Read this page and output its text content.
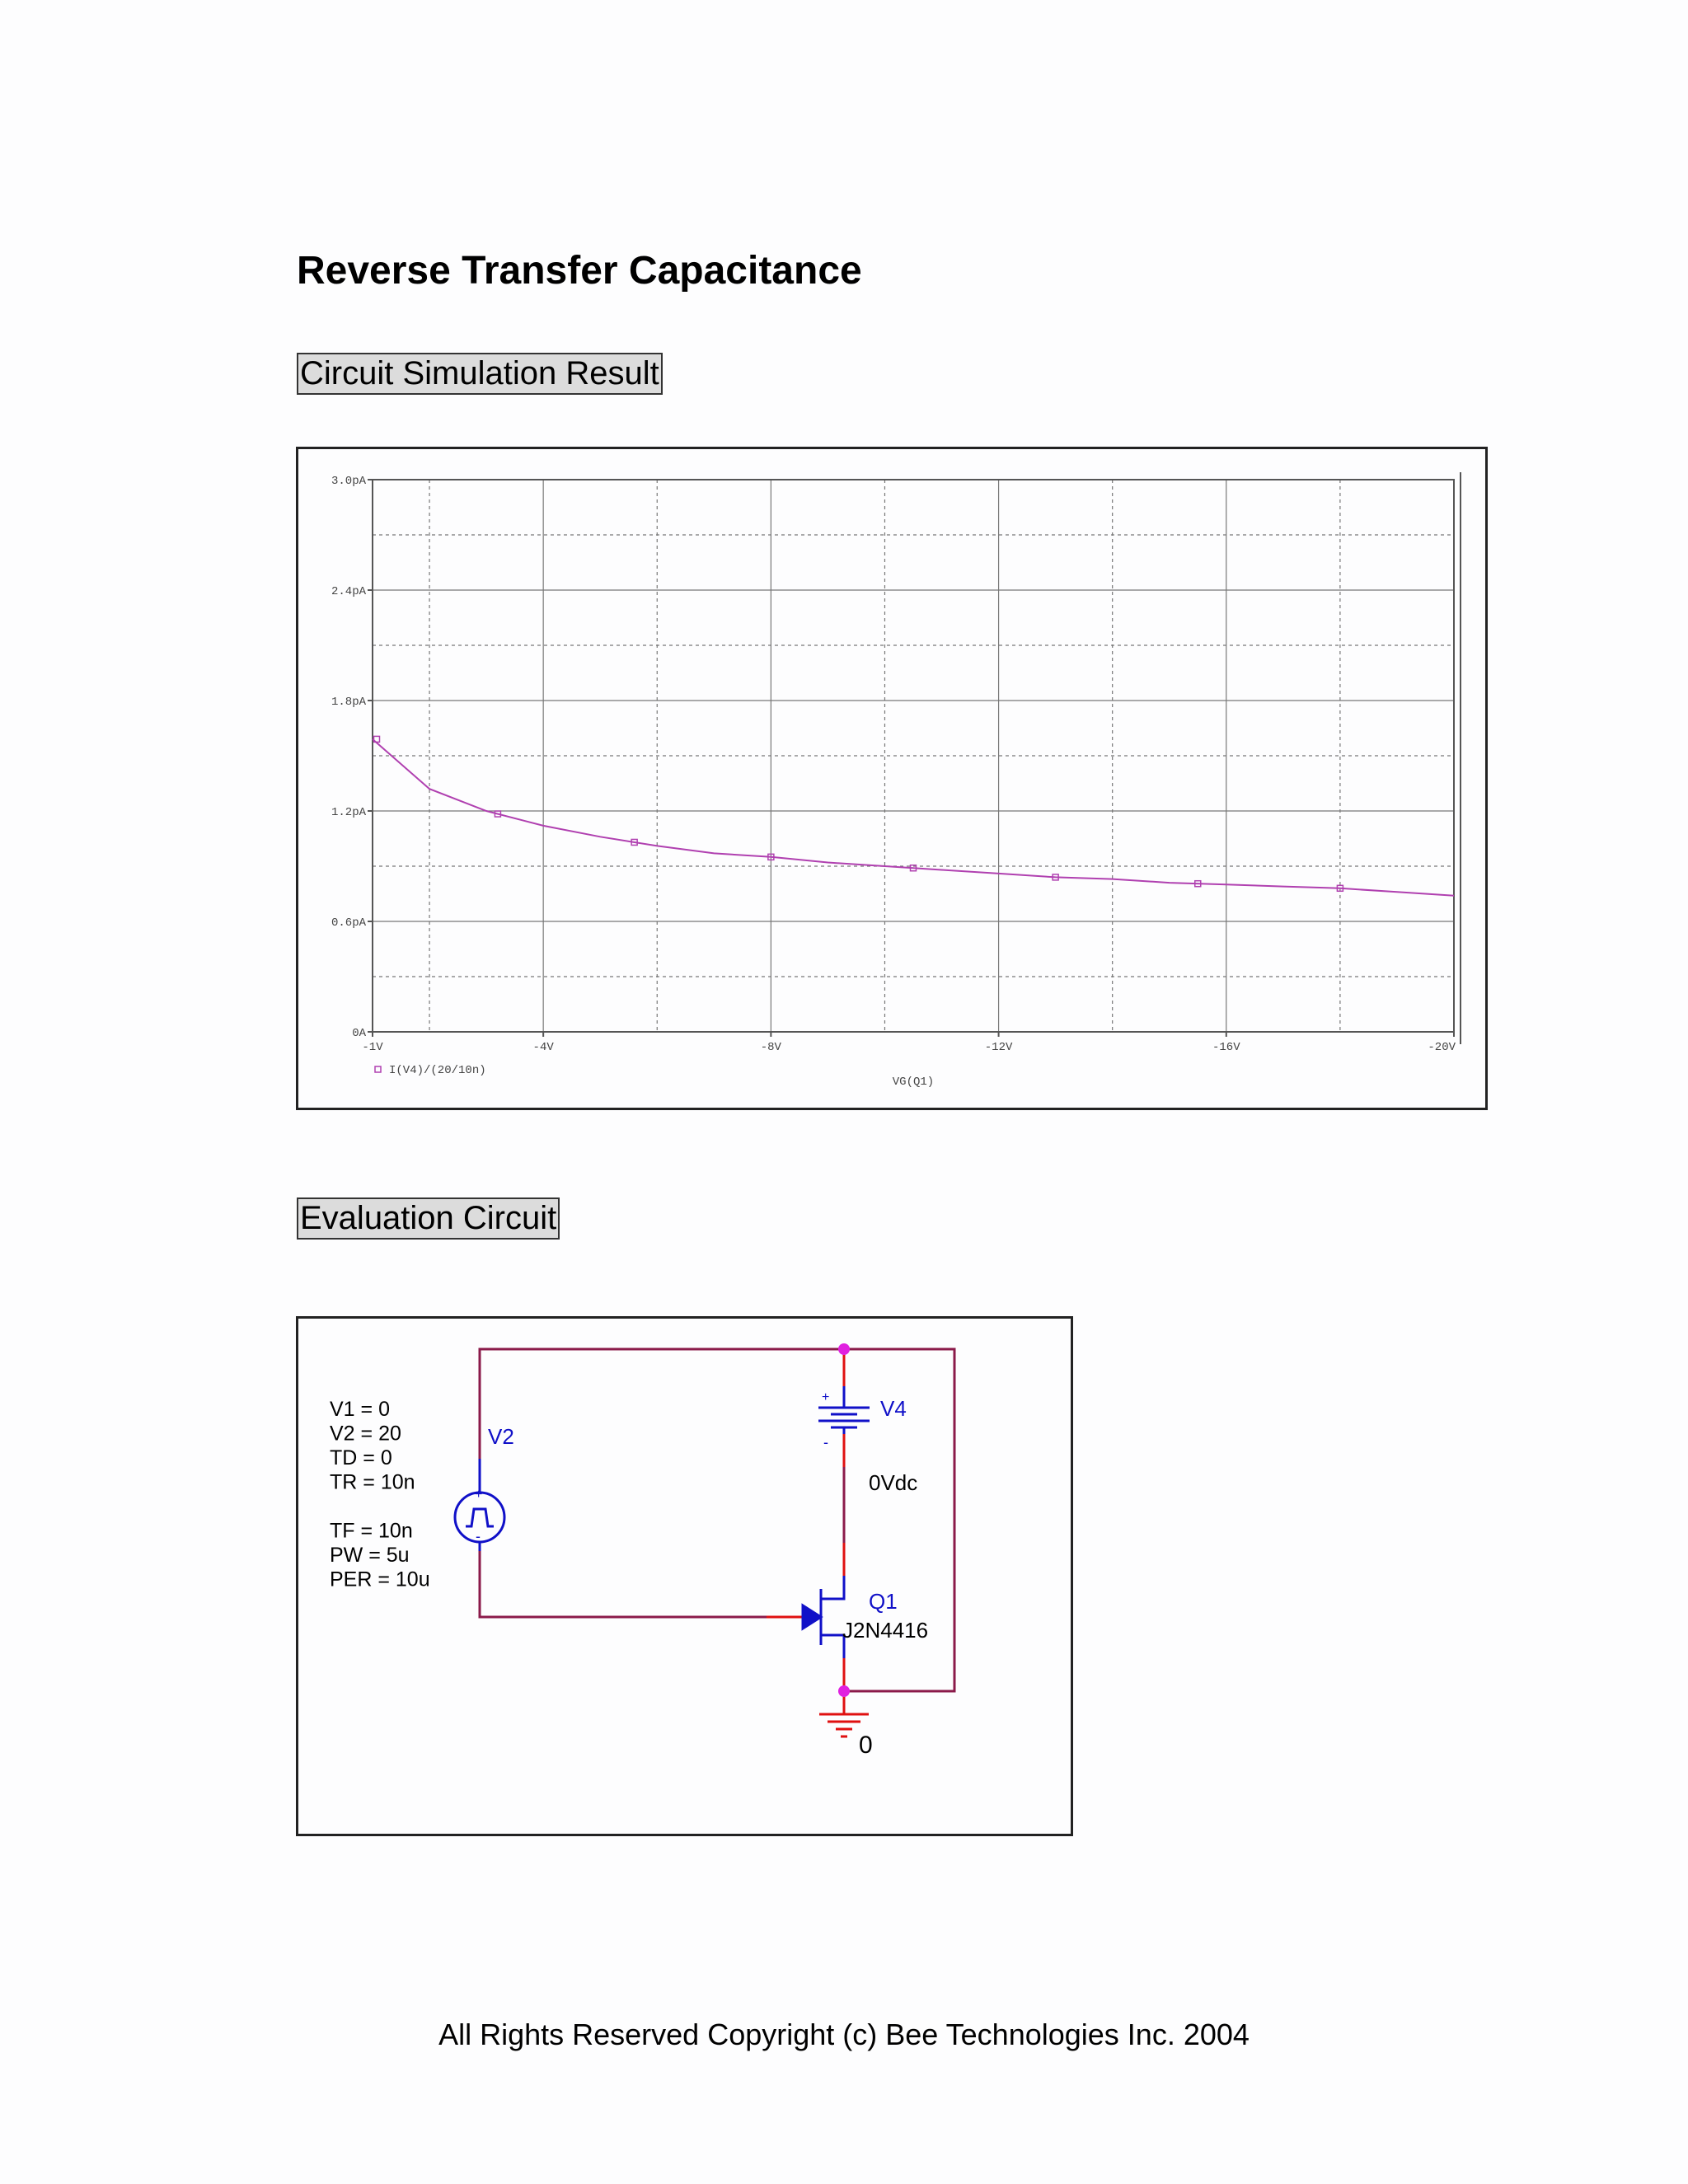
Reverse Transfer Capacitance
Circuit Simulation Result
0A
0.6pA
1.2pA
1.8pA
2.4pA
3.0pA
-1V	-4V	-8V	-12V	-16V	-20V
VG(Q1)
I(V4)/(20/10n)
Evaluation Circuit
+
-
V2
V1 = 0
V2 = 20
TD = 0
TR = 10n
TF = 10n
PW = 5u
PER = 10u
+
-
V4
0Vdc
Q1
J2N4416
0
All Rights Reserved Copyright (c) Bee Technologies Inc. 2004
